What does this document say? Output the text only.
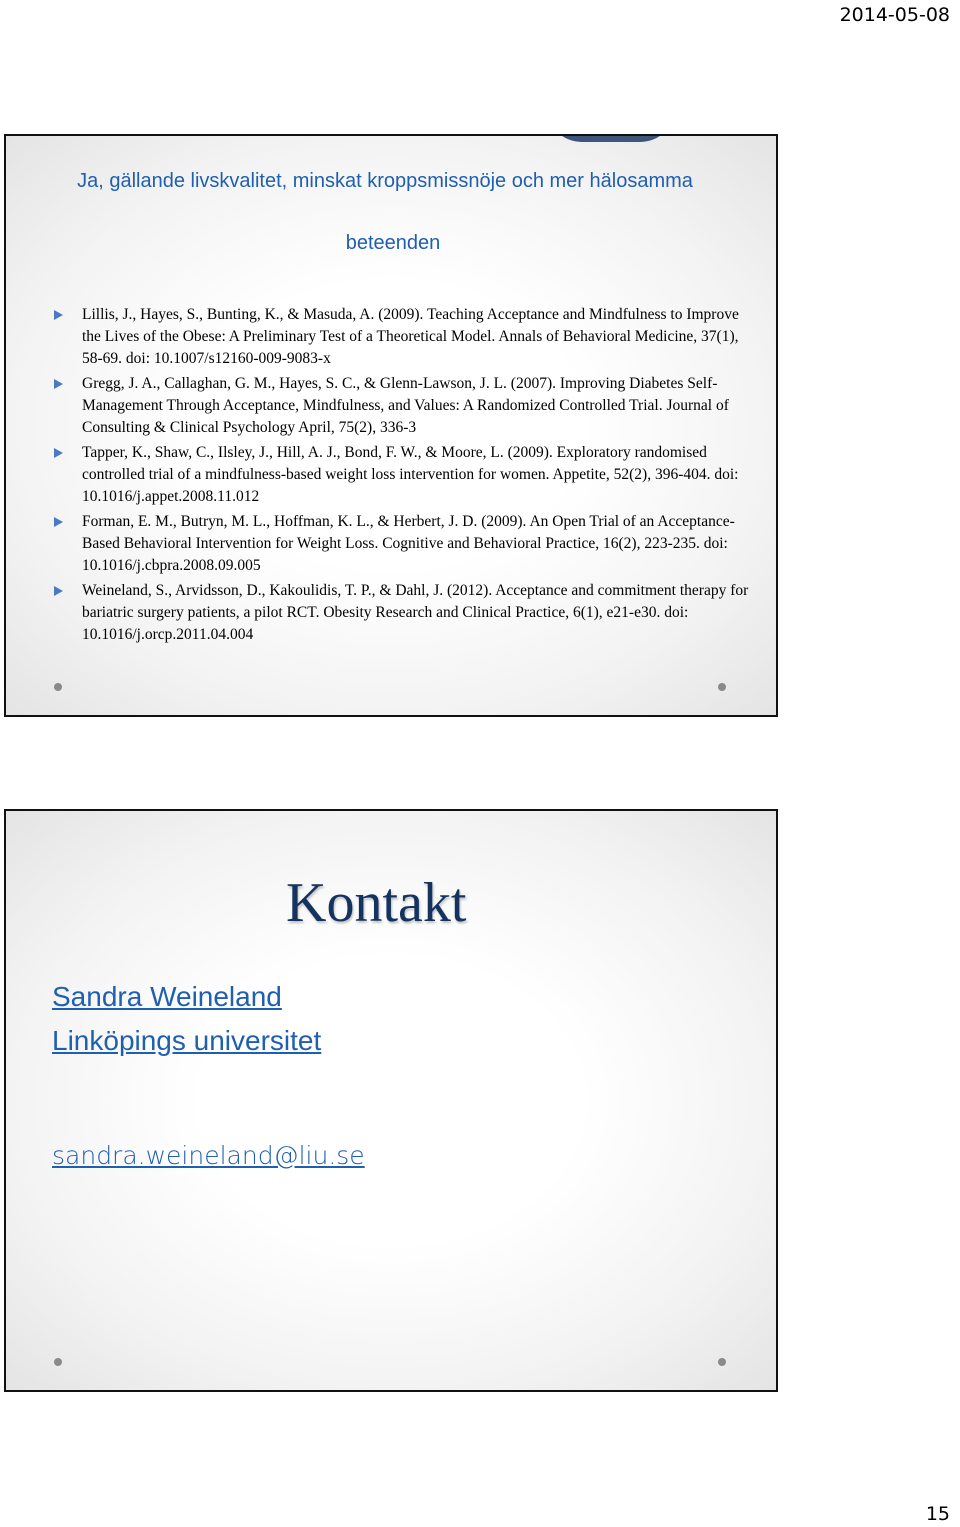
2014-05-08
Ja, gällande livskvalitet, minskat kroppsmissnöje och mer hälosamma
beteenden
Lillis, J., Hayes, S., Bunting, K., & Masuda, A. (2009). Teaching Acceptance and Mindfulness to Improve the Lives of the Obese: A Preliminary Test of a Theoretical Model. Annals of Behavioral Medicine, 37(1), 58-69. doi: 10.1007/s12160-009-9083-x
Gregg, J. A., Callaghan, G. M., Hayes, S. C., & Glenn-Lawson, J. L. (2007). Improving Diabetes Self-Management Through Acceptance, Mindfulness, and Values: A Randomized Controlled Trial. Journal of Consulting & Clinical Psychology April, 75(2), 336-3
Tapper, K., Shaw, C., Ilsley, J., Hill, A. J., Bond, F. W., & Moore, L. (2009). Exploratory randomised controlled trial of a mindfulness-based weight loss intervention for women. Appetite, 52(2), 396-404. doi: 10.1016/j.appet.2008.11.012
Forman, E. M., Butryn, M. L., Hoffman, K. L., & Herbert, J. D. (2009). An Open Trial of an Acceptance-Based Behavioral Intervention for Weight Loss. Cognitive and Behavioral Practice, 16(2), 223-235. doi: 10.1016/j.cbpra.2008.09.005
Weineland, S., Arvidsson, D., Kakoulidis, T. P., & Dahl, J. (2012). Acceptance and commitment therapy for bariatric surgery patients, a pilot RCT. Obesity Research and Clinical Practice, 6(1), e21-e30. doi: 10.1016/j.orcp.2011.04.004
Kontakt
Sandra Weineland
Linköpings universitet
sandra.weineland@liu.se
15
